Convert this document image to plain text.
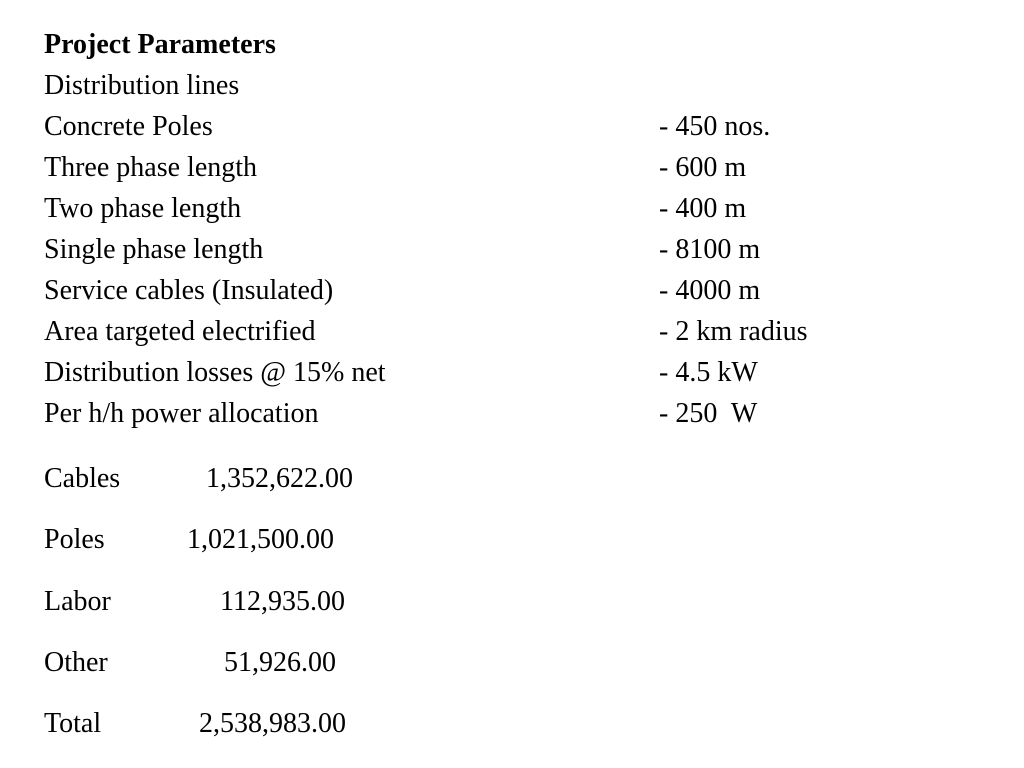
Project Parameters
Distribution lines
Concrete Poles	- 450 nos.
Three phase length	- 600 m
Two phase length	- 400 m
Single phase length	- 8100 m
Service cables (Insulated)	- 4000 m
Area targeted electrified	- 2 km radius
Distribution losses @ 15% net	- 4.5 kW
Per h/h power allocation	- 250  W
Cables	1,352,622.00
Poles	1,021,500.00
Labor	112,935.00
Other	51,926.00
Total	2,538,983.00
